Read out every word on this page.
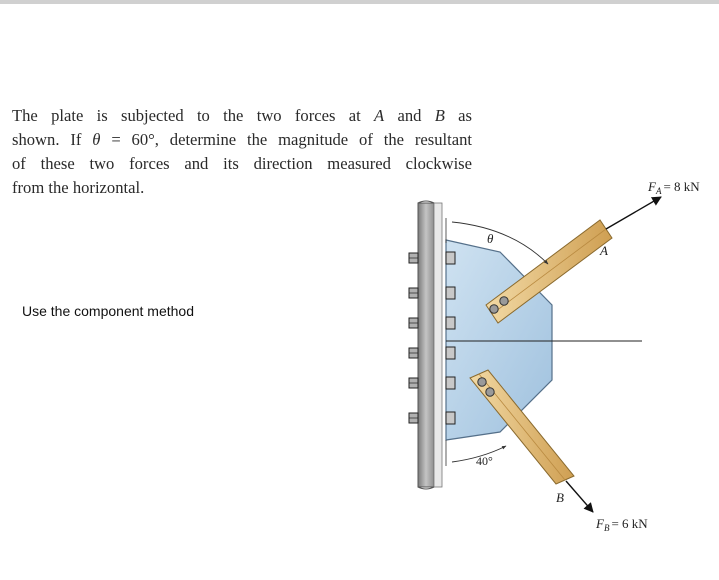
The plate is subjected to the two forces at A and B as
shown. If θ = 60°, determine the magnitude of the resultant
of these two forces and its direction measured clockwise
from the horizontal.

Use the component method
θ
40°
A
$F_A = 8$ kN
B
$F_B = 6$ kN
